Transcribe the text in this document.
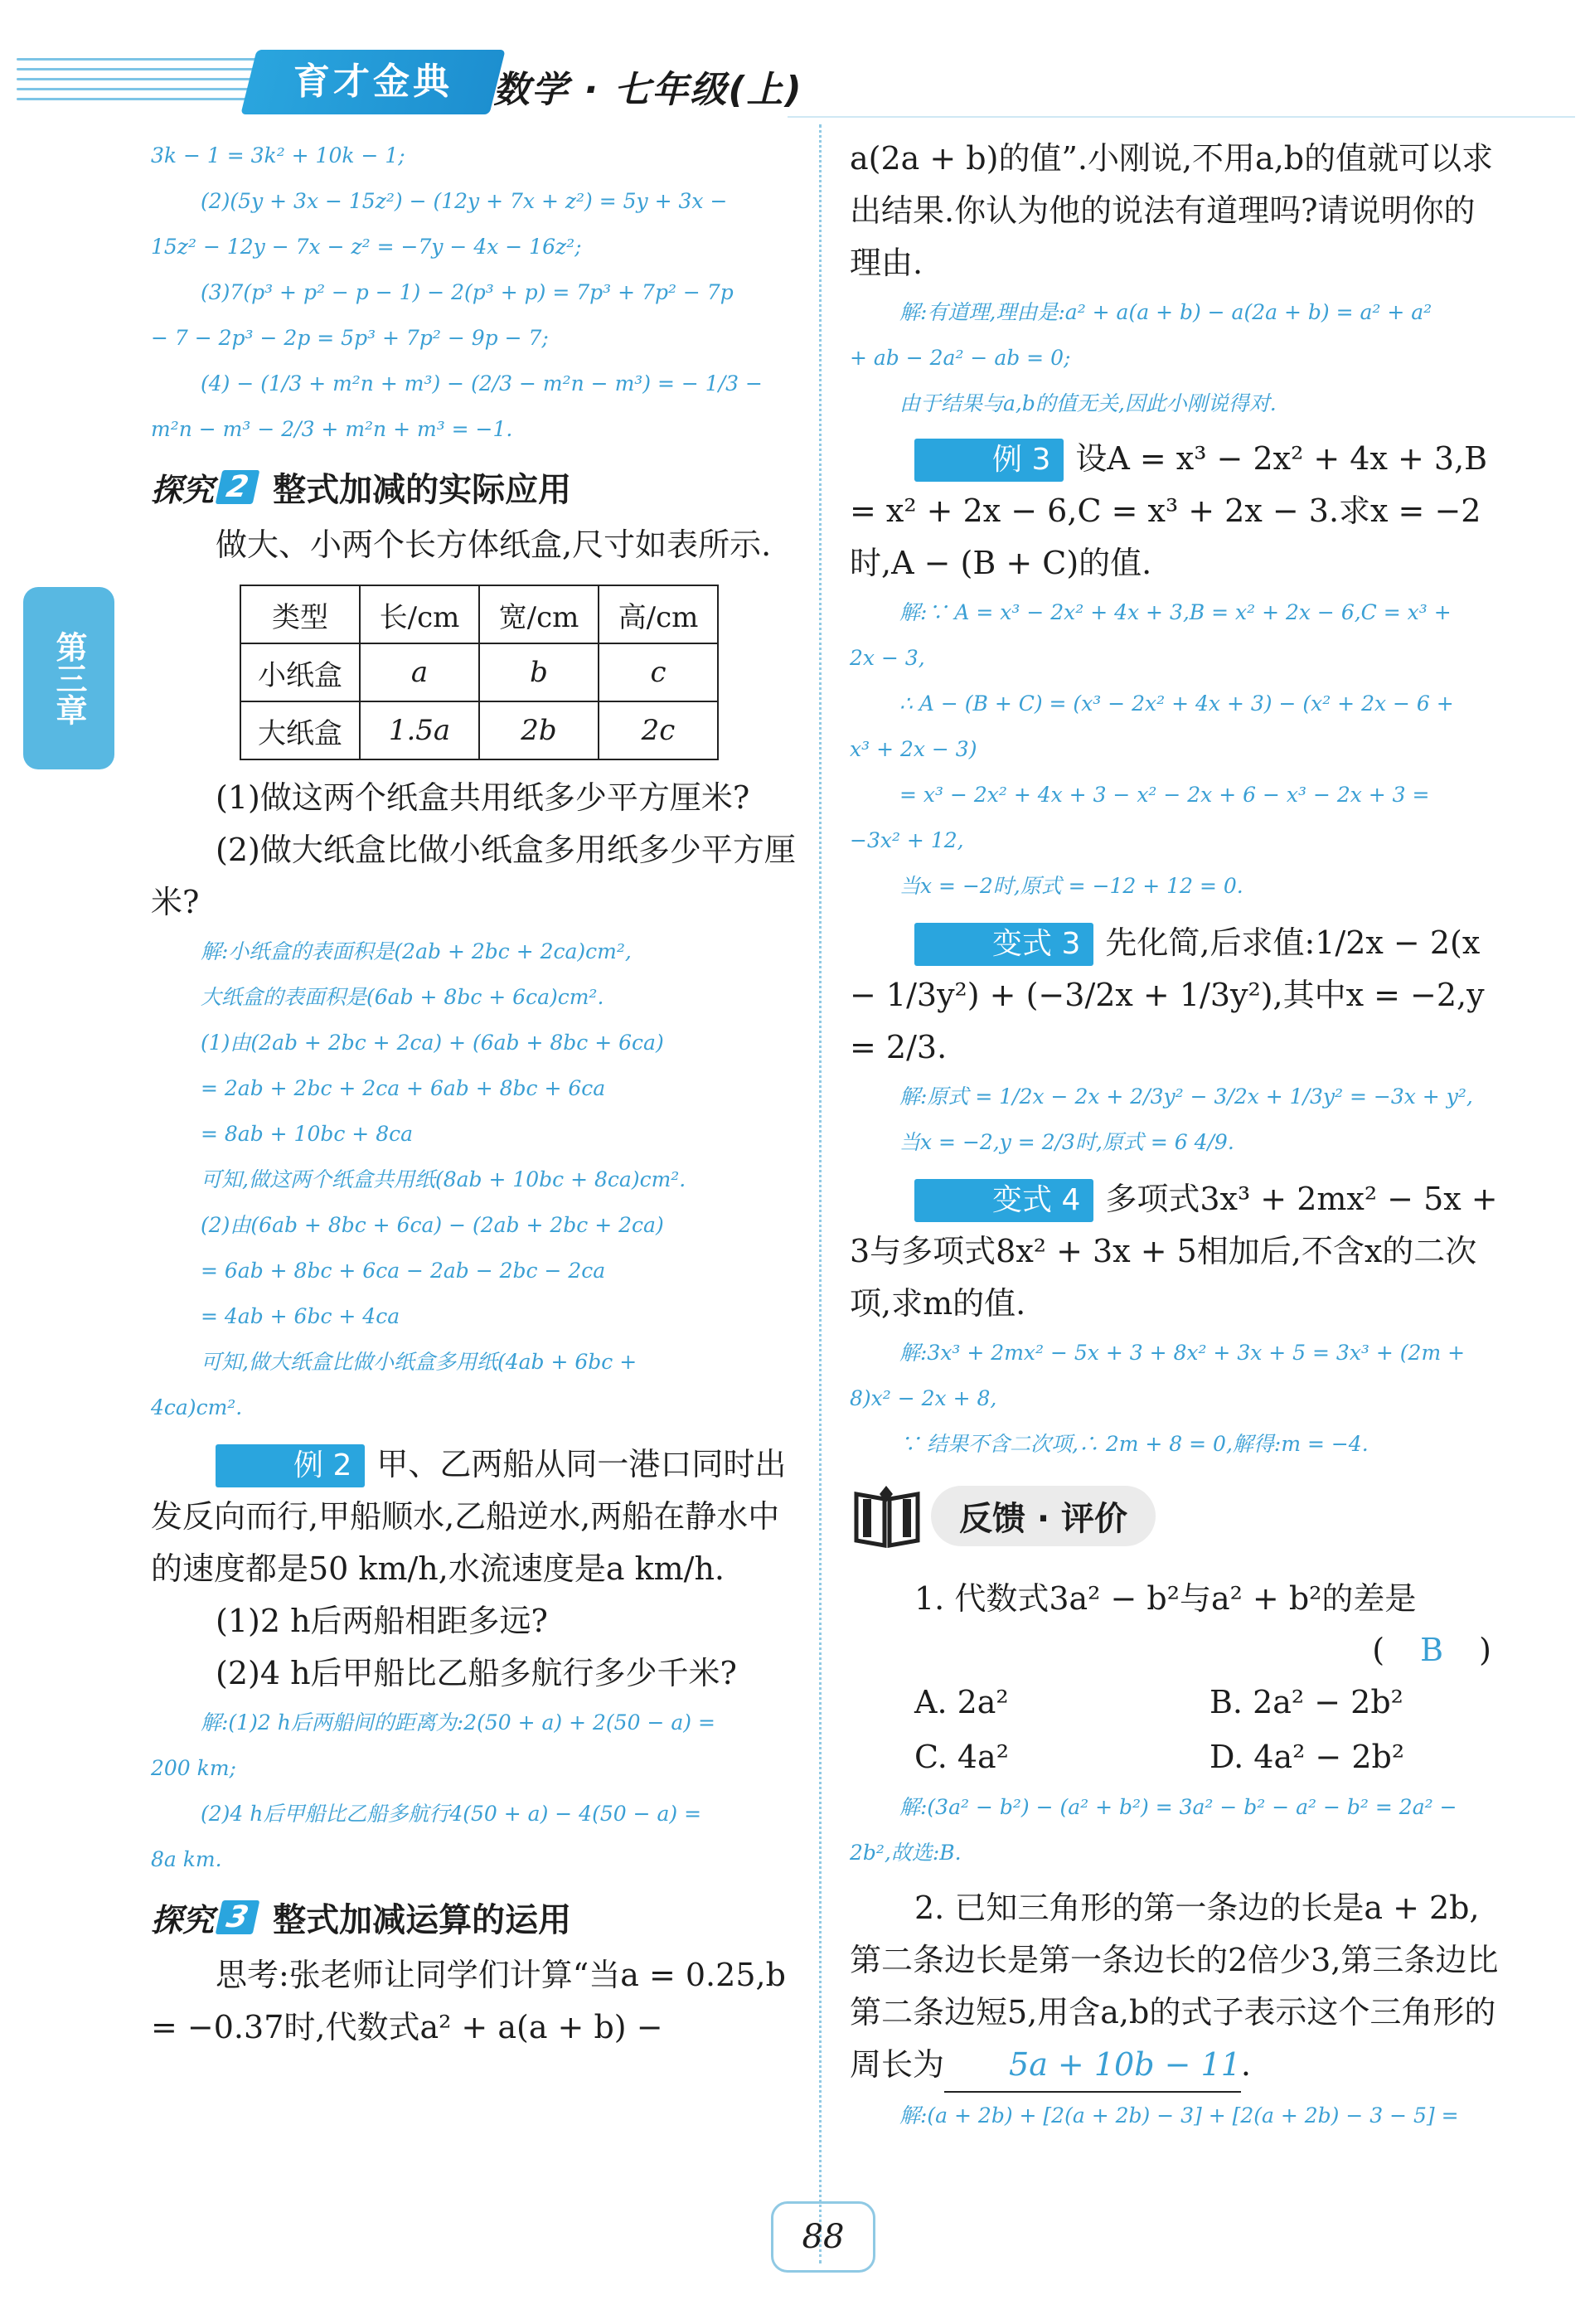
育才金典	数学 · 七年级(上)
第三章

3k − 1 = 3k² + 10k − 1;

(2)(5y + 3x − 15z²) − (12y + 7x + z²) = 5y + 3x −

15z² − 12y − 7x − z² = −7y − 4x − 16z²;

(3)7(p³ + p² − p − 1) − 2(p³ + p) = 7p³ + 7p² − 7p

− 7 − 2p³ − 2p = 5p³ + 7p² − 9p − 7;

(4) − (1/3 + m²n + m³) − (2/3 − m²n − m³) = − 1/3 −

m²n − m³ − 2/3 + m²n + m³ = −1.

探究 2 整式加减的实际应用

做大、小两个长方体纸盒,尺寸如表所示.

类型	长/cm	宽/cm	高/cm
小纸盒	a	b	c
大纸盒	1.5a	2b	2c

(1)做这两个纸盒共用纸多少平方厘米?

(2)做大纸盒比做小纸盒多用纸多少平方厘米?

解:小纸盒的表面积是(2ab + 2bc + 2ca)cm²,

大纸盒的表面积是(6ab + 8bc + 6ca)cm².

(1)由(2ab + 2bc + 2ca) + (6ab + 8bc + 6ca)

= 2ab + 2bc + 2ca + 6ab + 8bc + 6ca

= 8ab + 10bc + 8ca

可知,做这两个纸盒共用纸(8ab + 10bc + 8ca)cm².

(2)由(6ab + 8bc + 6ca) − (2ab + 2bc + 2ca)

= 6ab + 8bc + 6ca − 2ab − 2bc − 2ca

= 4ab + 6bc + 4ca

可知,做大纸盒比做小纸盒多用纸(4ab + 6bc +

4ca)cm².

例 2 甲、乙两船从同一港口同时出发反向而行,甲船顺水,乙船逆水,两船在静水中的速度都是50 km/h,水流速度是a km/h.

(1)2 h后两船相距多远?

(2)4 h后甲船比乙船多航行多少千米?

解:(1)2 h后两船间的距离为:2(50 + a) + 2(50 − a) =

200 km;

(2)4 h后甲船比乙船多航行4(50 + a) − 4(50 − a) =

8a km.

探究 3 整式加减运算的运用

思考:张老师让同学们计算“当a = 0.25,b = −0.37时,代数式a² + a(a + b) −

a(2a + b)的值”.小刚说,不用a,b的值就可以求出结果.你认为他的说法有道理吗?请说明你的理由.

解:有道理,理由是:a² + a(a + b) − a(2a + b) = a² + a²

+ ab − 2a² − ab = 0;

由于结果与a,b的值无关,因此小刚说得对.

例 3 设A = x³ − 2x² + 4x + 3,B = x² + 2x − 6,C = x³ + 2x − 3.求x = −2时,A − (B + C)的值.

解:∵ A = x³ − 2x² + 4x + 3,B = x² + 2x − 6,C = x³ +

2x − 3,

∴ A − (B + C) = (x³ − 2x² + 4x + 3) − (x² + 2x − 6 +

x³ + 2x − 3)

= x³ − 2x² + 4x + 3 − x² − 2x + 6 − x³ − 2x + 3 =

−3x² + 12,

当x = −2时,原式 = −12 + 12 = 0.

变式 3 先化简,后求值:1/2x − 2(x − 1/3y²) + (−3/2x + 1/3y²),其中x = −2,y = 2/3.

解:原式 = 1/2x − 2x + 2/3y² − 3/2x + 1/3y² = −3x + y²,

当x = −2,y = 2/3时,原式 = 6 4/9.

变式 4 多项式3x³ + 2mx² − 5x + 3与多项式8x² + 3x + 5相加后,不含x的二次项,求m的值.

解:3x³ + 2mx² − 5x + 3 + 8x² + 3x + 5 = 3x³ + (2m +

8)x² − 2x + 8,

∵ 结果不含二次项,∴ 2m + 8 = 0,解得:m = −4.

反馈 · 评价

1. 代数式3a² − b²与a² + b²的差是

( B )
A. 2a²	B. 2a² − 2b²
C. 4a²	D. 4a² − 2b²

解:(3a² − b²) − (a² + b²) = 3a² − b² − a² − b² = 2a² −

2b²,故选:B.

2. 已知三角形的第一条边的长是a + 2b,第二条边长是第一条边长的2倍少3,第三条边比第二条边短5,用含a,b的式子表示这个三角形的周长为 5a + 10b − 11.

解:(a + 2b) + [2(a + 2b) − 3] + [2(a + 2b) − 3 − 5] =

88
